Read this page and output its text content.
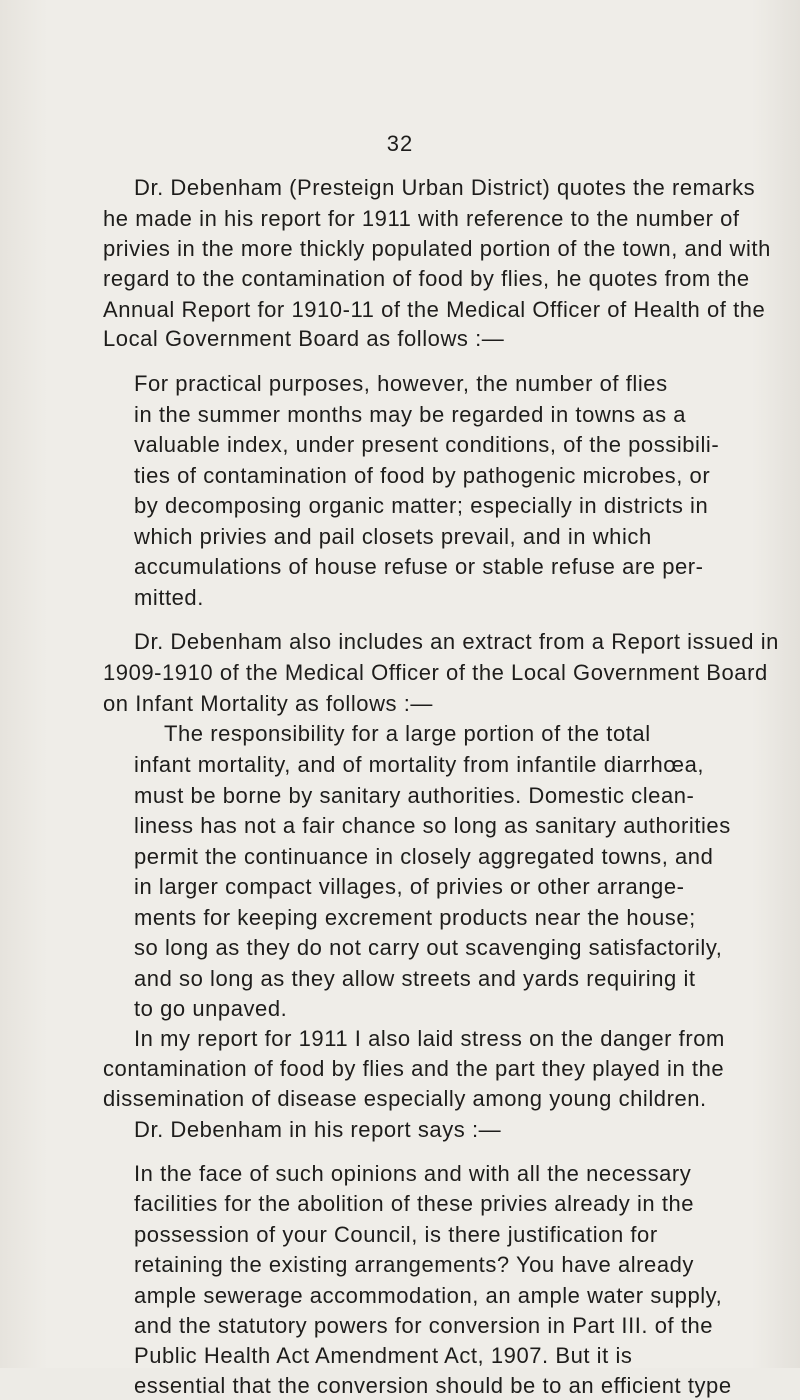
32
Dr. Debenham (Presteign Urban District) quotes the remarks
he made in his report for 1911 with reference to the number of
privies in the more thickly populated portion of the town, and with
regard to the contamination of food by flies, he quotes from the
Annual Report for 1910-11 of the Medical Officer of Health of the
Local Government Board as follows :—
For practical purposes, however, the number of flies
in the summer months may be regarded in towns as a
valuable index, under present conditions, of the possibili-
ties of contamination of food by pathogenic microbes, or
by decomposing organic matter; especially in districts in
which privies and pail closets prevail, and in which
accumulations of house refuse or stable refuse are per-
mitted.
Dr. Debenham also includes an extract from a Report issued in
1909-1910 of the Medical Officer of the Local Government Board
on Infant Mortality as follows :—
The responsibility for a large portion of the total
infant mortality, and of mortality from infantile diarrhœa,
must be borne by sanitary authorities. Domestic clean-
liness has not a fair chance so long as sanitary authorities
permit the continuance in closely aggregated towns, and
in larger compact villages, of privies or other arrange-
ments for keeping excrement products near the house;
so long as they do not carry out scavenging satisfactorily,
and so long as they allow streets and yards requiring it
to go unpaved.
In my report for 1911 I also laid stress on the danger from
contamination of food by flies and the part they played in the
dissemination of disease especially among young children.
Dr. Debenham in his report says :—
In the face of such opinions and with all the necessary
facilities for the abolition of these privies already in the
possession of your Council, is there justification for
retaining the existing arrangements? You have already
ample sewerage accommodation, an ample water supply,
and the statutory powers for conversion in Part III. of the
Public Health Act Amendment Act, 1907. But it is
essential that the conversion should be to an efficient type
